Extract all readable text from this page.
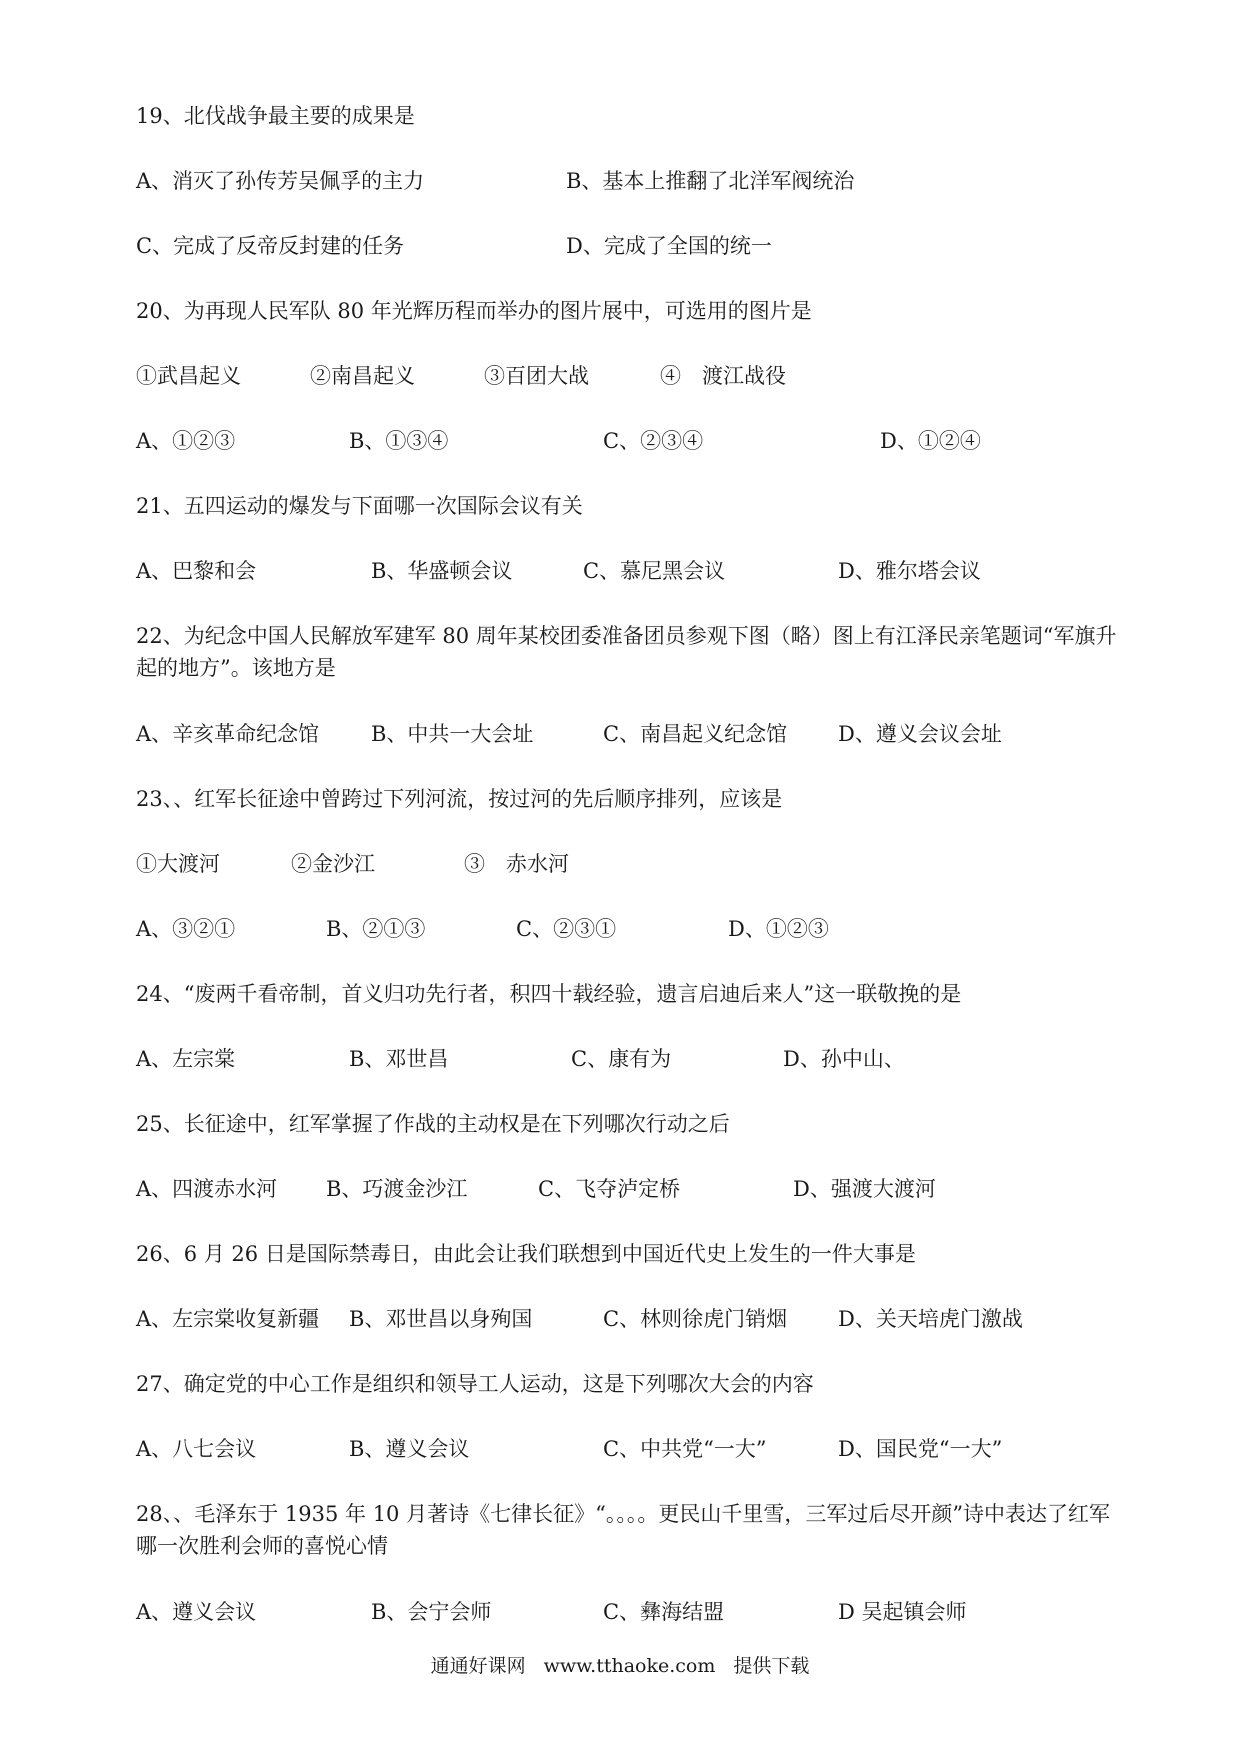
19、北伐战争最主要的成果是
A、消灭了孙传芳吴佩孚的主力	B、基本上推翻了北洋军阀统治
C、完成了反帝反封建的任务	D、完成了全国的统一
20、为再现人民军队 80 年光辉历程而举办的图片展中，可选用的图片是
①武昌起义	②南昌起义	③百团大战	④　渡江战役
A、①②③	B、①③④	C、②③④	D、①②④
21、五四运动的爆发与下面哪一次国际会议有关
A、巴黎和会	B、华盛顿会议	C、慕尼黑会议	D、雅尔塔会议
22、为纪念中国人民解放军建军 80 周年某校团委准备团员参观下图（略）图上有江泽民亲笔题词“军旗升起的地方”。该地方是
A、辛亥革命纪念馆 B、中共一大会址	C、南昌起义纪念馆 D、遵义会议会址
23、、红军长征途中曾跨过下列河流，按过河的先后顺序排列，应该是
①大渡河	②金沙江	③　赤水河
A、③②①	B、②①③	C、②③①	D、①②③
24、“废两千看帝制，首义归功先行者，积四十载经验，遗言启迪后来人”这一联敬挽的是
A、左宗棠	B、邓世昌	C、康有为	D、孙中山、
25、长征途中，红军掌握了作战的主动权是在下列哪次行动之后
A、四渡赤水河 B、巧渡金沙江	C、飞夺泸定桥	D、强渡大渡河
26、6 月 26 日是国际禁毒日，由此会让我们联想到中国近代史上发生的一件大事是
A、左宗棠收复新疆 B、邓世昌以身殉国	C、林则徐虎门销烟 D、关天培虎门激战
27、确定党的中心工作是组织和领导工人运动，这是下列哪次大会的内容
A、八七会议	B、遵义会议	C、中共党“一大”	D、国民党“一大”
28、、毛泽东于 1935 年 10 月著诗《七律长征》“。。。。更民山千里雪，三军过后尽开颜”诗中表达了红军哪一次胜利会师的喜悦心情
A、遵义会议	B、会宁会师	C、彝海结盟	D 吴起镇会师
通通好课网 www.tthaoke.com 提供下载
